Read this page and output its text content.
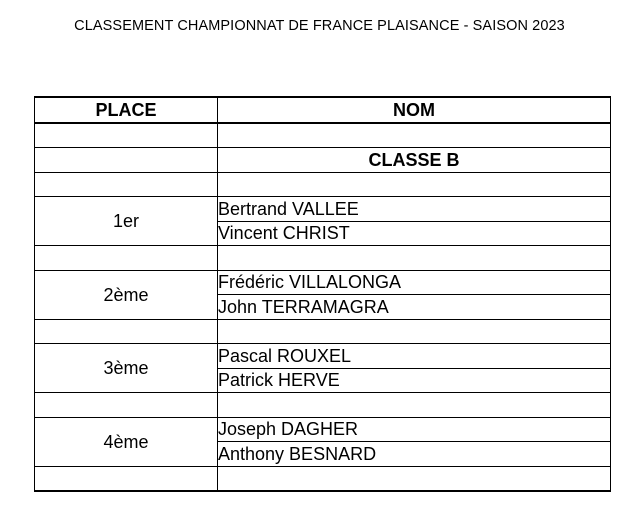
CLASSEMENT CHAMPIONNAT DE FRANCE PLAISANCE - SAISON 2023
PLACE	NOM

	CLASSE B

1er	Bertrand VALLEE
	Vincent CHRIST

2ème	Frédéric VILLALONGA
	John TERRAMAGRA

3ème	Pascal ROUXEL
	Patrick HERVE

4ème	Joseph DAGHER
	Anthony BESNARD
